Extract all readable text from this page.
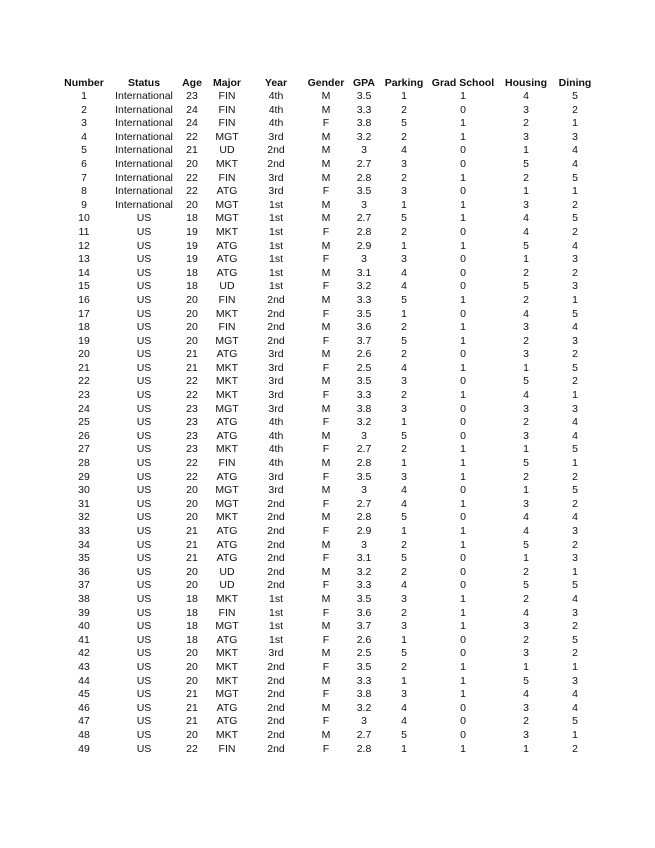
Number	Status	Age	Major	Year	Gender	GPA	Parking	Grad School	Housing	Dining
1	International	23	FIN	4th	M	3.5	1	1	4	5
2	International	24	FIN	4th	M	3.3	2	0	3	2
3	International	24	FIN	4th	F	3.8	5	1	2	1
4	International	22	MGT	3rd	M	3.2	2	1	3	3
5	International	21	UD	2nd	M	3	4	0	1	4
6	International	20	MKT	2nd	M	2.7	3	0	5	4
7	International	22	FIN	3rd	M	2.8	2	1	2	5
8	International	22	ATG	3rd	F	3.5	3	0	1	1
9	International	20	MGT	1st	M	3	1	1	3	2
10	US	18	MGT	1st	M	2.7	5	1	4	5
11	US	19	MKT	1st	F	2.8	2	0	4	2
12	US	19	ATG	1st	M	2.9	1	1	5	4
13	US	19	ATG	1st	F	3	3	0	1	3
14	US	18	ATG	1st	M	3.1	4	0	2	2
15	US	18	UD	1st	F	3.2	4	0	5	3
16	US	20	FIN	2nd	M	3.3	5	1	2	1
17	US	20	MKT	2nd	F	3.5	1	0	4	5
18	US	20	FIN	2nd	M	3.6	2	1	3	4
19	US	20	MGT	2nd	F	3.7	5	1	2	3
20	US	21	ATG	3rd	M	2.6	2	0	3	2
21	US	21	MKT	3rd	F	2.5	4	1	1	5
22	US	22	MKT	3rd	M	3.5	3	0	5	2
23	US	22	MKT	3rd	F	3.3	2	1	4	1
24	US	23	MGT	3rd	M	3.8	3	0	3	3
25	US	23	ATG	4th	F	3.2	1	0	2	4
26	US	23	ATG	4th	M	3	5	0	3	4
27	US	23	MKT	4th	F	2.7	2	1	1	5
28	US	22	FIN	4th	M	2.8	1	1	5	1
29	US	22	ATG	3rd	F	3.5	3	1	2	2
30	US	20	MGT	3rd	M	3	4	0	1	5
31	US	20	MGT	2nd	F	2.7	4	1	3	2
32	US	20	MKT	2nd	M	2.8	5	0	4	4
33	US	21	ATG	2nd	F	2.9	1	1	4	3
34	US	21	ATG	2nd	M	3	2	1	5	2
35	US	21	ATG	2nd	F	3.1	5	0	1	3
36	US	20	UD	2nd	M	3.2	2	0	2	1
37	US	20	UD	2nd	F	3.3	4	0	5	5
38	US	18	MKT	1st	M	3.5	3	1	2	4
39	US	18	FIN	1st	F	3.6	2	1	4	3
40	US	18	MGT	1st	M	3.7	3	1	3	2
41	US	18	ATG	1st	F	2.6	1	0	2	5
42	US	20	MKT	3rd	M	2.5	5	0	3	2
43	US	20	MKT	2nd	F	3.5	2	1	1	1
44	US	20	MKT	2nd	M	3.3	1	1	5	3
45	US	21	MGT	2nd	F	3.8	3	1	4	4
46	US	21	ATG	2nd	M	3.2	4	0	3	4
47	US	21	ATG	2nd	F	3	4	0	2	5
48	US	20	MKT	2nd	M	2.7	5	0	3	1
49	US	22	FIN	2nd	F	2.8	1	1	1	2
